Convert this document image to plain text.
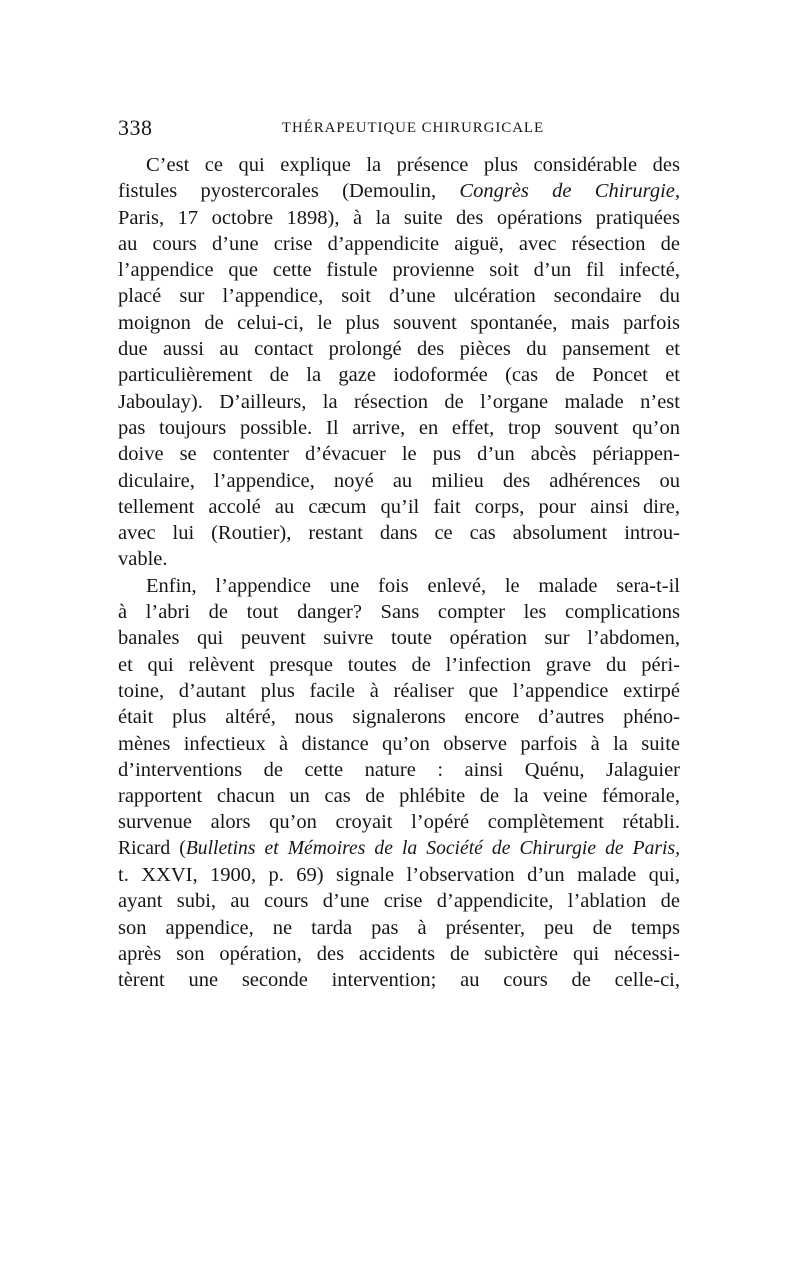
338	THÉRAPEUTIQUE CHIRURGICALE
C’est ce qui explique la présence plus considérable des
fistules pyostercorales (Demoulin, Congrès de Chirurgie,
Paris, 17 octobre 1898), à la suite des opérations pratiquées
au cours d’une crise d’appendicite aiguë, avec résection de
l’appendice que cette fistule provienne soit d’un fil infecté,
placé sur l’appendice, soit d’une ulcération secondaire du
moignon de celui-ci, le plus souvent spontanée, mais parfois
due aussi au contact prolongé des pièces du pansement et
particulièrement de la gaze iodoformée (cas de Poncet et
Jaboulay). D’ailleurs, la résection de l’organe malade n’est
pas toujours possible. Il arrive, en effet, trop souvent qu’on
doive se contenter d’évacuer le pus d’un abcès périappen-
diculaire, l’appendice, noyé au milieu des adhérences ou
tellement accolé au cæcum qu’il fait corps, pour ainsi dire,
avec lui (Routier), restant dans ce cas absolument introu-
vable.
Enfin, l’appendice une fois enlevé, le malade sera-t-il
à l’abri de tout danger? Sans compter les complications
banales qui peuvent suivre toute opération sur l’abdomen,
et qui relèvent presque toutes de l’infection grave du péri-
toine, d’autant plus facile à réaliser que l’appendice extirpé
était plus altéré, nous signalerons encore d’autres phéno-
mènes infectieux à distance qu’on observe parfois à la suite
d’interventions de cette nature : ainsi Quénu, Jalaguier
rapportent chacun un cas de phlébite de la veine fémorale,
survenue alors qu’on croyait l’opéré complètement rétabli.
Ricard (Bulletins et Mémoires de la Société de Chirurgie de Paris,
t. XXVI, 1900, p. 69) signale l’observation d’un malade qui,
ayant subi, au cours d’une crise d’appendicite, l’ablation de
son appendice, ne tarda pas à présenter, peu de temps
après son opération, des accidents de subictère qui nécessi-
tèrent une seconde intervention; au cours de celle-ci,
